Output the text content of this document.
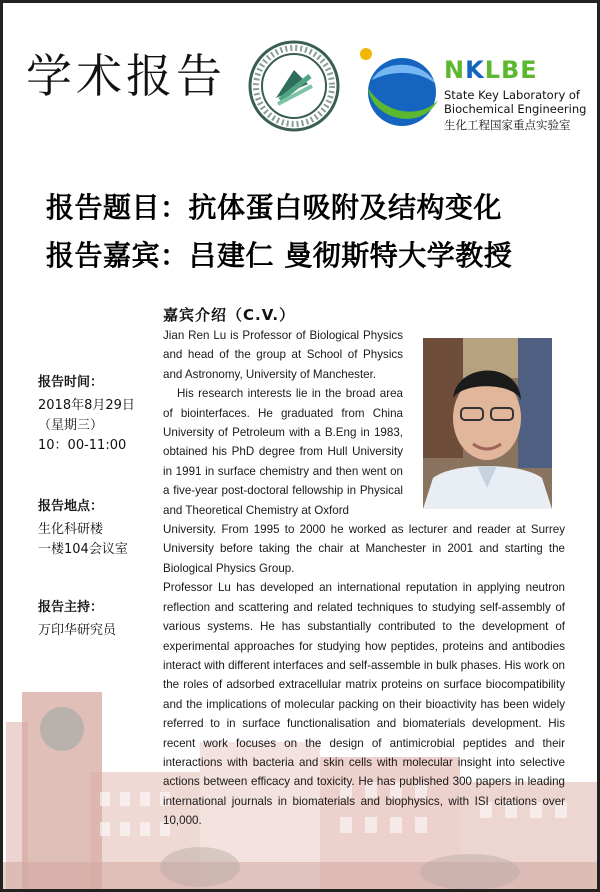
学术报告	NKLBE
State Key Laboratory of
Biochemical Engineering
生化工程国家重点实验室
报告题目：抗体蛋白吸附及结构变化
报告嘉宾：吕建仁 曼彻斯特大学教授
嘉宾介绍（C.V.）

Jian Ren Lu is Professor of Biological Physics and head of the group at School of Physics and Astronomy, University of Manchester.

His research interests lie in the broad area of biointerfaces. He graduated from China University of Petroleum with a B.Eng in 1983, obtained his PhD degree from Hull University in 1991 in surface chemistry and then went on a five-year post-doctoral fellowship in Physical and Theoretical Chemistry at Oxford

University. From 1995 to 2000 he worked as lecturer and reader at Surrey University before taking the chair at Manchester in 2001 and starting the Biological Physics Group.

Professor Lu has developed an international reputation in applying neutron reflection and scattering and related techniques to studying self-assembly of various systems. He has substantially contributed to the development of experimental approaches for studying how peptides, proteins and antibodies interact with different interfaces and self-assemble in bulk phases. His work on the roles of adsorbed extracellular matrix proteins on surface biocompatibility and the implications of molecular packing on their bioactivity has been widely referred to in surface functionalisation and biomaterials development. His recent work focuses on the design of antimicrobial peptides and their interactions with bacteria and skin cells with molecular insight into selective actions between efficacy and toxicity. He has published 300 papers in leading international journals in biomaterials and biophysics, with ISI citations over 10,000.

报告时间：
2018年8月29日
（星期三）
10：00-11:00
报告地点：
生化科研楼
一楼104会议室
报告主持：
万印华研究员
